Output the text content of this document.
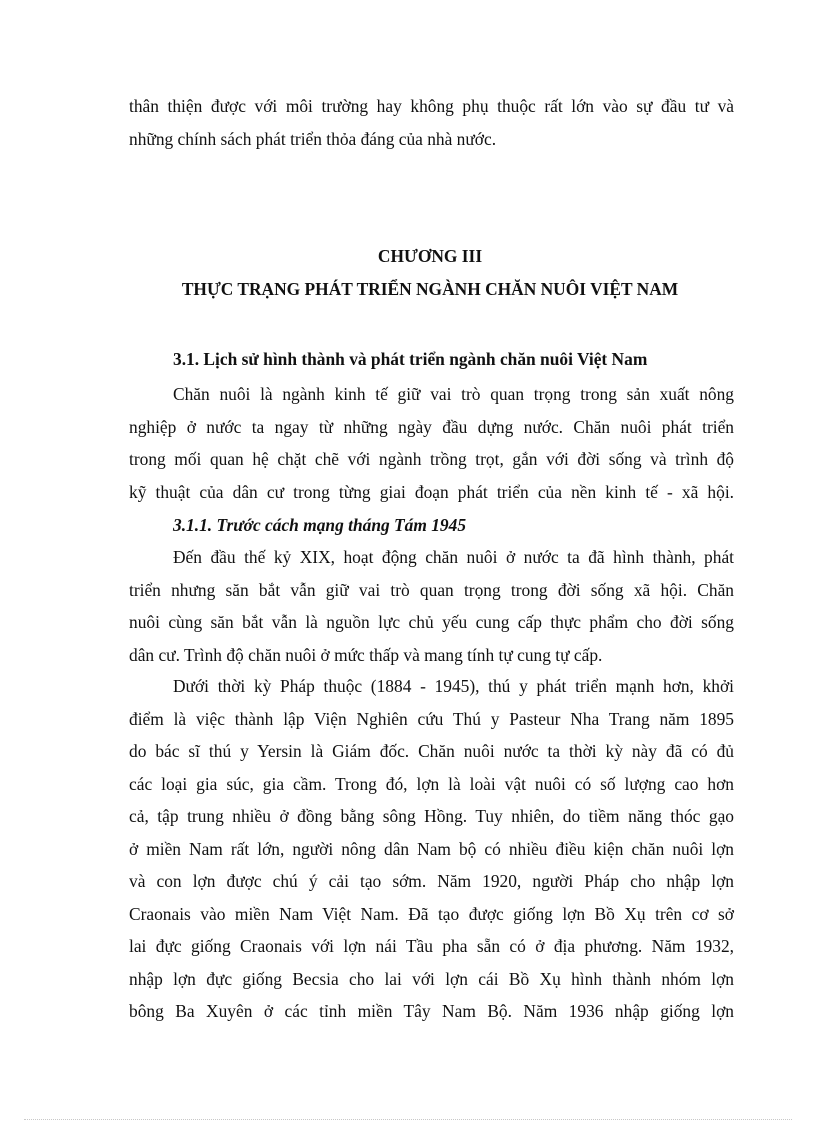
thân thiện được với môi trường hay không phụ thuộc rất lớn vào sự đầu tư và
những chính sách phát triển thỏa đáng của nhà nước.
CHƯƠNG III
THỰC TRẠNG PHÁT TRIỂN NGÀNH CHĂN NUÔI VIỆT NAM
3.1. Lịch sử hình thành và phát triển ngành chăn nuôi Việt Nam
Chăn nuôi là ngành kinh tế giữ vai trò quan trọng trong sản xuất nông
nghiệp ở nước ta ngay từ những ngày đầu dựng nước. Chăn nuôi phát triển
trong mối quan hệ chặt chẽ với ngành trồng trọt, gắn với đời sống và trình độ
kỹ thuật của dân cư trong từng giai đoạn phát triển của nền kinh tế - xã hội.
3.1.1. Trước cách mạng tháng Tám 1945
Đến đầu thế kỷ XIX, hoạt động chăn nuôi ở nước ta đã hình thành, phát
triển nhưng săn bắt vẫn giữ vai trò quan trọng trong đời sống xã hội. Chăn
nuôi cùng săn bắt vẫn là nguồn lực chủ yếu cung cấp thực phẩm cho đời sống
dân cư. Trình độ chăn nuôi ở mức thấp và mang tính tự cung tự cấp.
Dưới thời kỳ Pháp thuộc (1884 - 1945), thú y phát triển mạnh hơn, khởi
điểm là việc thành lập Viện Nghiên cứu Thú y Pasteur Nha Trang năm 1895
do bác sĩ thú y Yersin là Giám đốc. Chăn nuôi nước ta thời kỳ này đã có đủ
các loại gia súc, gia cầm. Trong đó, lợn là loài vật nuôi có số lượng cao hơn
cả, tập trung nhiều ở đồng bằng sông Hồng. Tuy nhiên, do tiềm năng thóc gạo
ở miền Nam rất lớn, người nông dân Nam bộ có nhiều điều kiện chăn nuôi lợn
và con lợn được chú ý cải tạo sớm. Năm 1920, người Pháp cho nhập lợn
Craonais vào miền Nam Việt Nam. Đã tạo được giống lợn Bồ Xụ trên cơ sở
lai đực giống Craonais với lợn nái Tầu pha sẵn có ở địa phương. Năm 1932,
nhập lợn đực giống Becsia cho lai với lợn cái Bồ Xụ hình thành nhóm lợn
bông Ba Xuyên ở các tỉnh miền Tây Nam Bộ. Năm 1936 nhập giống lợn
